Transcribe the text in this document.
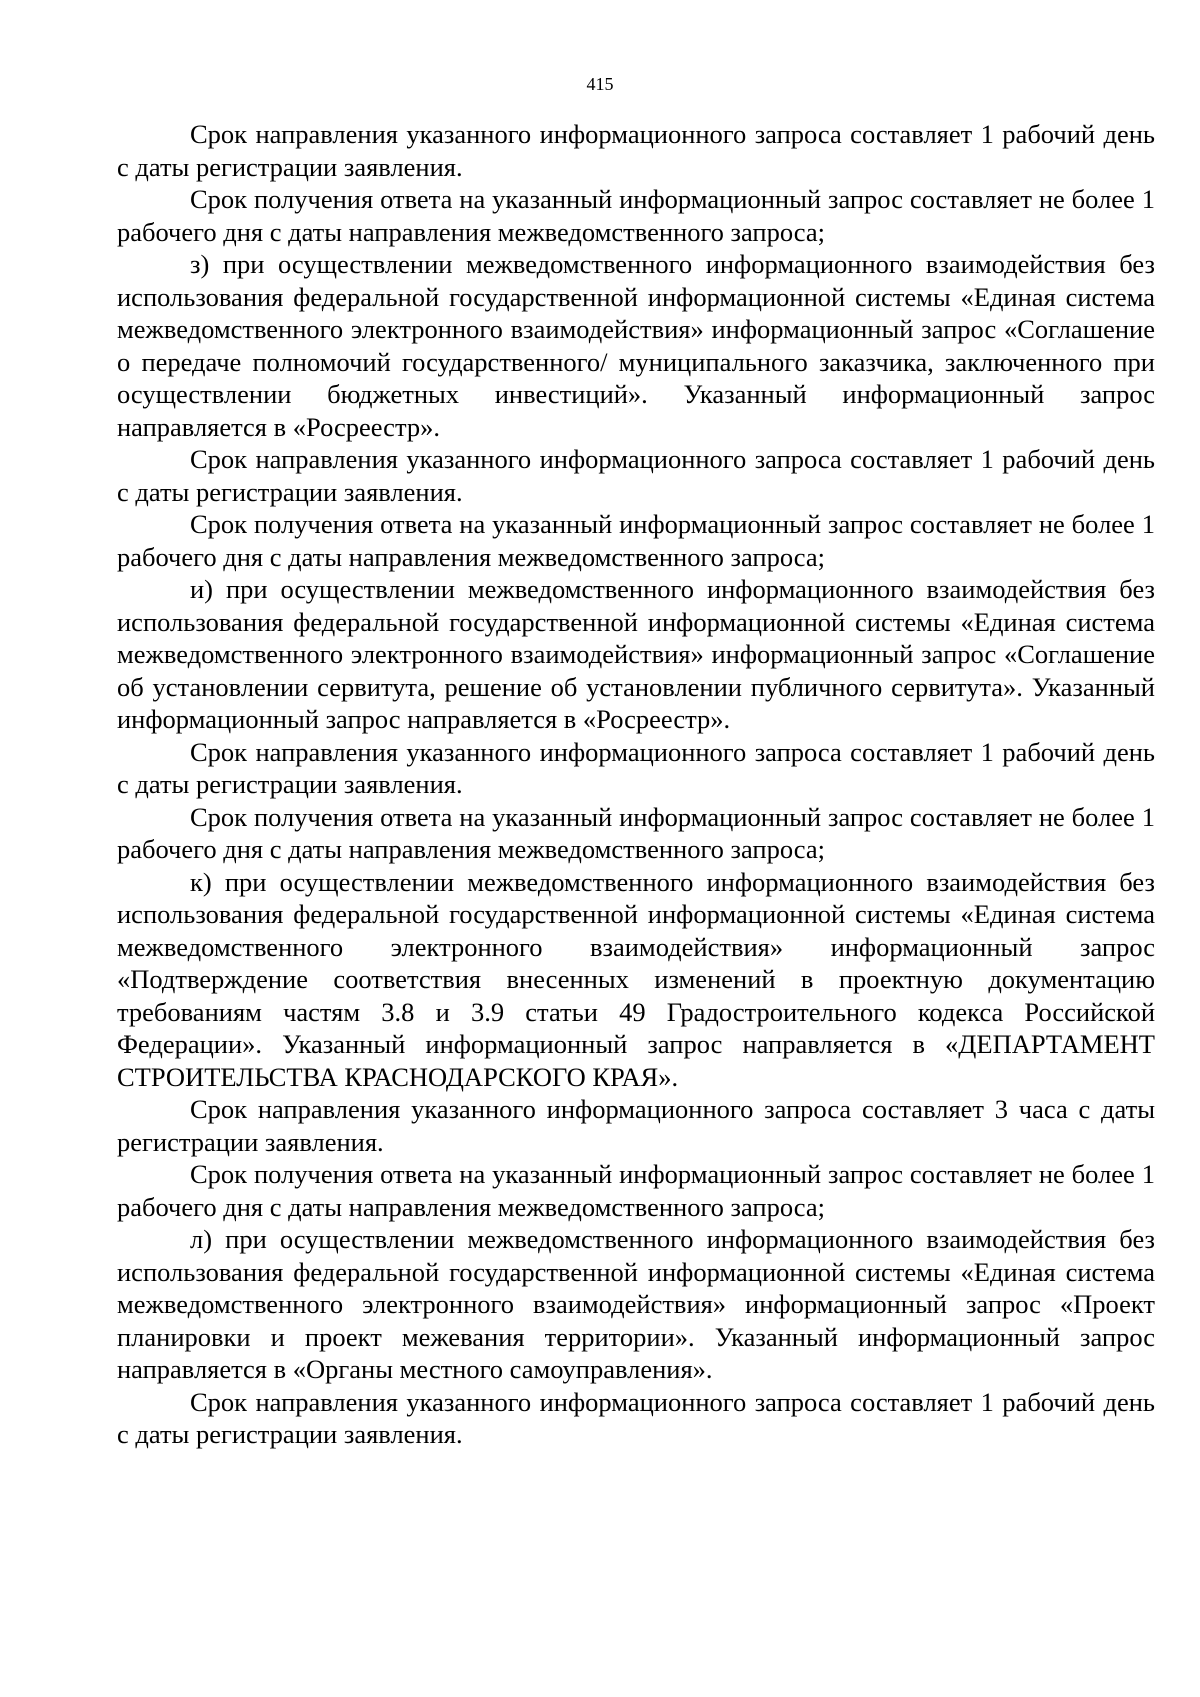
415

Срок направления указанного информационного запроса составляет 1 рабочий день с даты регистрации заявления.

Срок получения ответа на указанный информационный запрос составляет не более 1 рабочего дня с даты направления межведомственного запроса;

з) при осуществлении межведомственного информационного взаимодействия без использования федеральной государственной информационной системы «Единая система межведомственного электронного взаимодействия» информационный запрос «Соглашение о передаче полномочий государственного/ муниципального заказчика, заключенного при осуществлении бюджетных инвестиций». Указанный информационный запрос направляется в «Росреестр».

Срок направления указанного информационного запроса составляет 1 рабочий день с даты регистрации заявления.

Срок получения ответа на указанный информационный запрос составляет не более 1 рабочего дня с даты направления межведомственного запроса;

и) при осуществлении межведомственного информационного взаимодействия без использования федеральной государственной информационной системы «Единая система межведомственного электронного взаимодействия» информационный запрос «Соглашение об установлении сервитута, решение об установлении публичного сервитута». Указанный информационный запрос направляется в «Росреестр».

Срок направления указанного информационного запроса составляет 1 рабочий день с даты регистрации заявления.

Срок получения ответа на указанный информационный запрос составляет не более 1 рабочего дня с даты направления межведомственного запроса;

к) при осуществлении межведомственного информационного взаимодействия без использования федеральной государственной информационной системы «Единая система межведомственного электронного взаимодействия» информационный запрос «Подтверждение соответствия внесенных изменений в проектную документацию требованиям частям 3.8 и 3.9 статьи 49 Градостроительного кодекса Российской Федерации». Указанный информационный запрос направляется в «ДЕПАРТАМЕНТ СТРОИТЕЛЬСТВА КРАСНОДАРСКОГО КРАЯ».

Срок направления указанного информационного запроса составляет 3 часа с даты регистрации заявления.

Срок получения ответа на указанный информационный запрос составляет не более 1 рабочего дня с даты направления межведомственного запроса;

л) при осуществлении межведомственного информационного взаимодействия без использования федеральной государственной информационной системы «Единая система межведомственного электронного взаимодействия» информационный запрос «Проект планировки и проект межевания территории». Указанный информационный запрос направляется в «Органы местного самоуправления».

Срок направления указанного информационного запроса составляет 1 рабочий день с даты регистрации заявления.
